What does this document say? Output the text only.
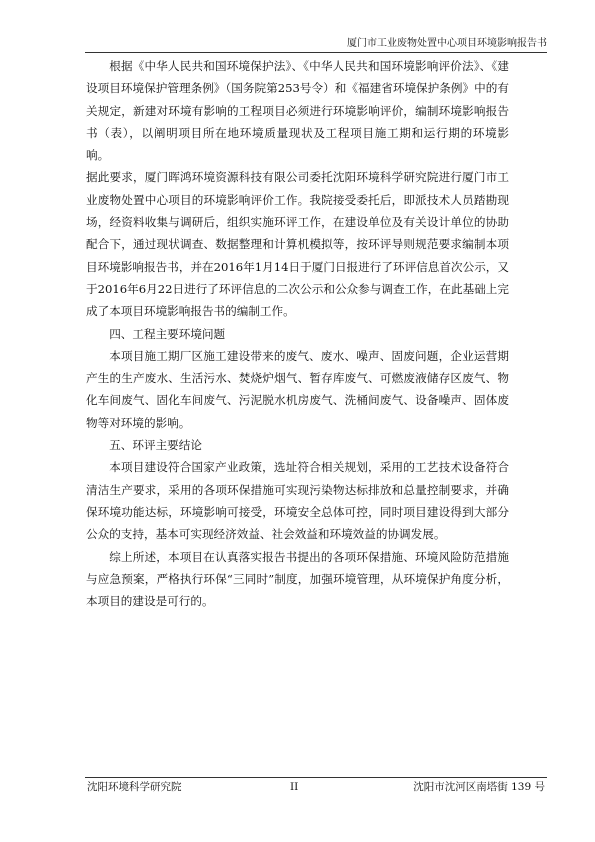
厦门市工业废物处置中心项目环境影响报告书

根据《中华人民共和国环境保护法》、《中华人民共和国环境影响评价法》、《建设项目环境保护管理条例》（国务院第253号令）和《福建省环境保护条例》中的有关规定，新建对环境有影响的工程项目必须进行环境影响评价，编制环境影响报告书（表），以阐明项目所在地环境质量现状及工程项目施工期和运行期的环境影响。

据此要求，厦门晖鸿环境资源科技有限公司委托沈阳环境科学研究院进行厦门市工业废物处置中心项目的环境影响评价工作。我院接受委托后，即派技术人员踏勘现场，经资料收集与调研后，组织实施环评工作，在建设单位及有关设计单位的协助配合下，通过现状调查、数据整理和计算机模拟等，按环评导则规范要求编制本项目环境影响报告书，并在2016年1月14日于厦门日报进行了环评信息首次公示，又于2016年6月22日进行了环评信息的二次公示和公众参与调查工作，在此基础上完成了本项目环境影响报告书的编制工作。

四、工程主要环境问题

本项目施工期厂区施工建设带来的废气、废水、噪声、固废问题，企业运营期产生的生产废水、生活污水、焚烧炉烟气、暂存库废气、可燃废液储存区废气、物化车间废气、固化车间废气、污泥脱水机房废气、洗桶间废气、设备噪声、固体废物等对环境的影响。

五、环评主要结论

本项目建设符合国家产业政策，选址符合相关规划，采用的工艺技术设备符合清洁生产要求，采用的各项环保措施可实现污染物达标排放和总量控制要求，并确保环境功能达标，环境影响可接受，环境安全总体可控，同时项目建设得到大部分公众的支持，基本可实现经济效益、社会效益和环境效益的协调发展。

综上所述，本项目在认真落实报告书提出的各项环保措施、环境风险防范措施与应急预案，严格执行环保“三同时”制度，加强环境管理，从环境保护角度分析，本项目的建设是可行的。

沈阳环境科学研究院	II	沈阳市沈河区南塔街 139 号
